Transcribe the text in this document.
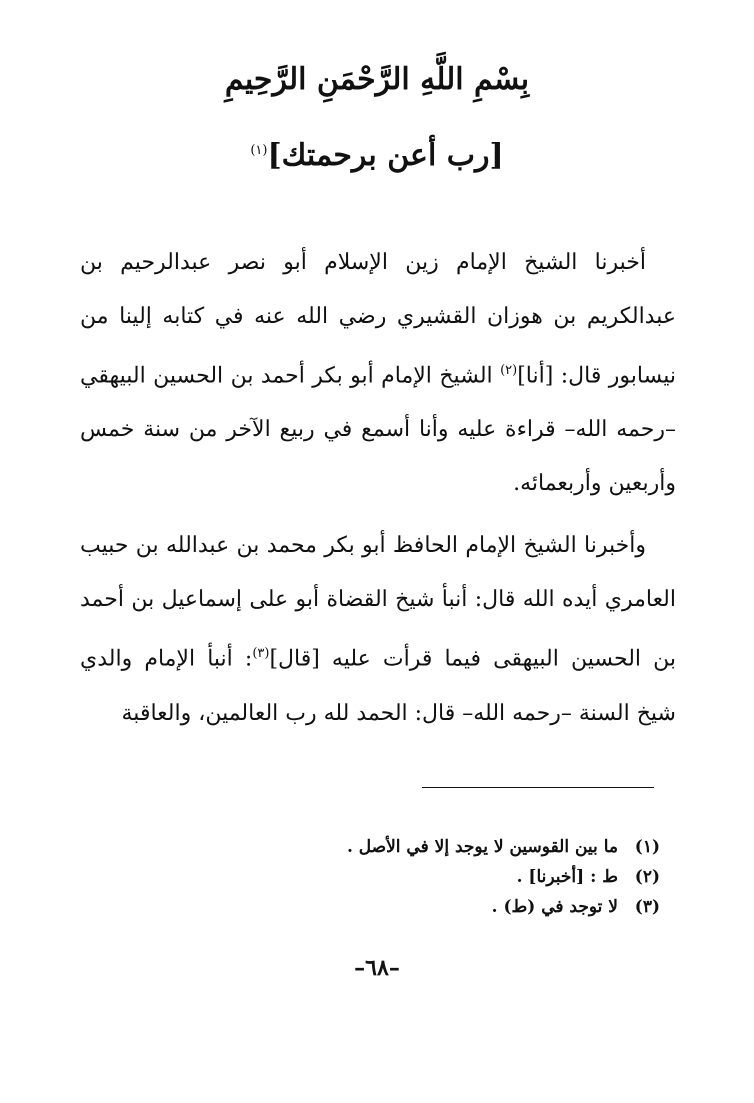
بِسْمِ اللَّهِ الرَّحْمَنِ الرَّحِيمِ
[رب أعن برحمتك]$^{(١)}$

أخبرنا الشيخ الإمام زين الإسلام أبو نصر عبدالرحيم بن عبدالكريم بن هوزان القشيري رضي الله عنه في كتابه إلينا من نيسابور قال: [أنا]$^{(٢)}$ الشيخ الإمام أبو بكر أحمد بن الحسين البيهقي –رحمه الله– قراءة عليه وأنا أسمع في ربيع الآخر من سنة خمس وأربعين وأربعمائه.

وأخبرنا الشيخ الإمام الحافظ أبو بكر محمد بن عبدالله بن حبيب العامري أيده الله قال: أنبأ شيخ القضاة أبو على إسماعيل بن أحمد بن الحسين البيهقى فيما قرأت عليه [قال]$^{(٣)}$: أنبأ الإمام والدي شيخ السنة –رحمه الله– قال: الحمد لله رب العالمين، والعاقبة

(١)
ما بين القوسين لا يوجد إلا في الأصل .
(٢)
ط : [أخبرنا] .
(٣)
لا توجد في (ط) .
–٦٨–
